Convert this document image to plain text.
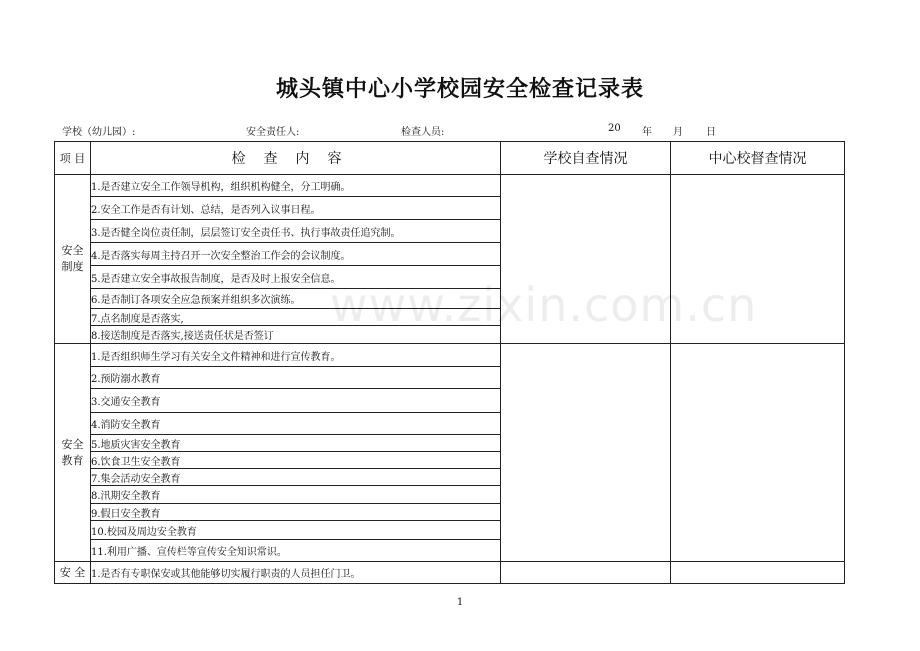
城头镇中心小学校园安全检查记录表
学校（幼儿园）:	安全责任人:	检查人员:	20 年 月 日
项 目	检查内容	学校自查情况	中心校督查情况

安全
制度	1.是否建立安全工作领导机构，组织机构健全，分工明确。		
	2.安全工作是否有计划、总结，是否列入议事日程。		
	3.是否健全岗位责任制，层层签订安全责任书、执行事故责任追究制。		
	4.是否落实每周主持召开一次安全整治工作会的会议制度。		
	5.是否建立安全事故报告制度，是否及时上报安全信息。		
	6.是否制订各项安全应急预案并组织多次演练。		
	7.点名制度是否落实,		
	8.接送制度是否落实,接送责任状是否签订		

安全
教育	1.是否组织师生学习有关安全文件精神和进行宣传教育。		
	2.预防溺水教育		
	3.交通安全教育		
	4.消防安全教育		
	5.地质灾害安全教育		
	6.饮食卫生安全教育		
	7.集会活动安全教育		
	8.汛期安全教育		
	9.假日安全教育		
	10.校园及周边安全教育		
	11.利用广播、宣传栏等宣传安全知识常识。		

安 全	1.是否有专职保安或其他能够切实履行职责的人员担任门卫。		
www.zixin.com.cn
1
